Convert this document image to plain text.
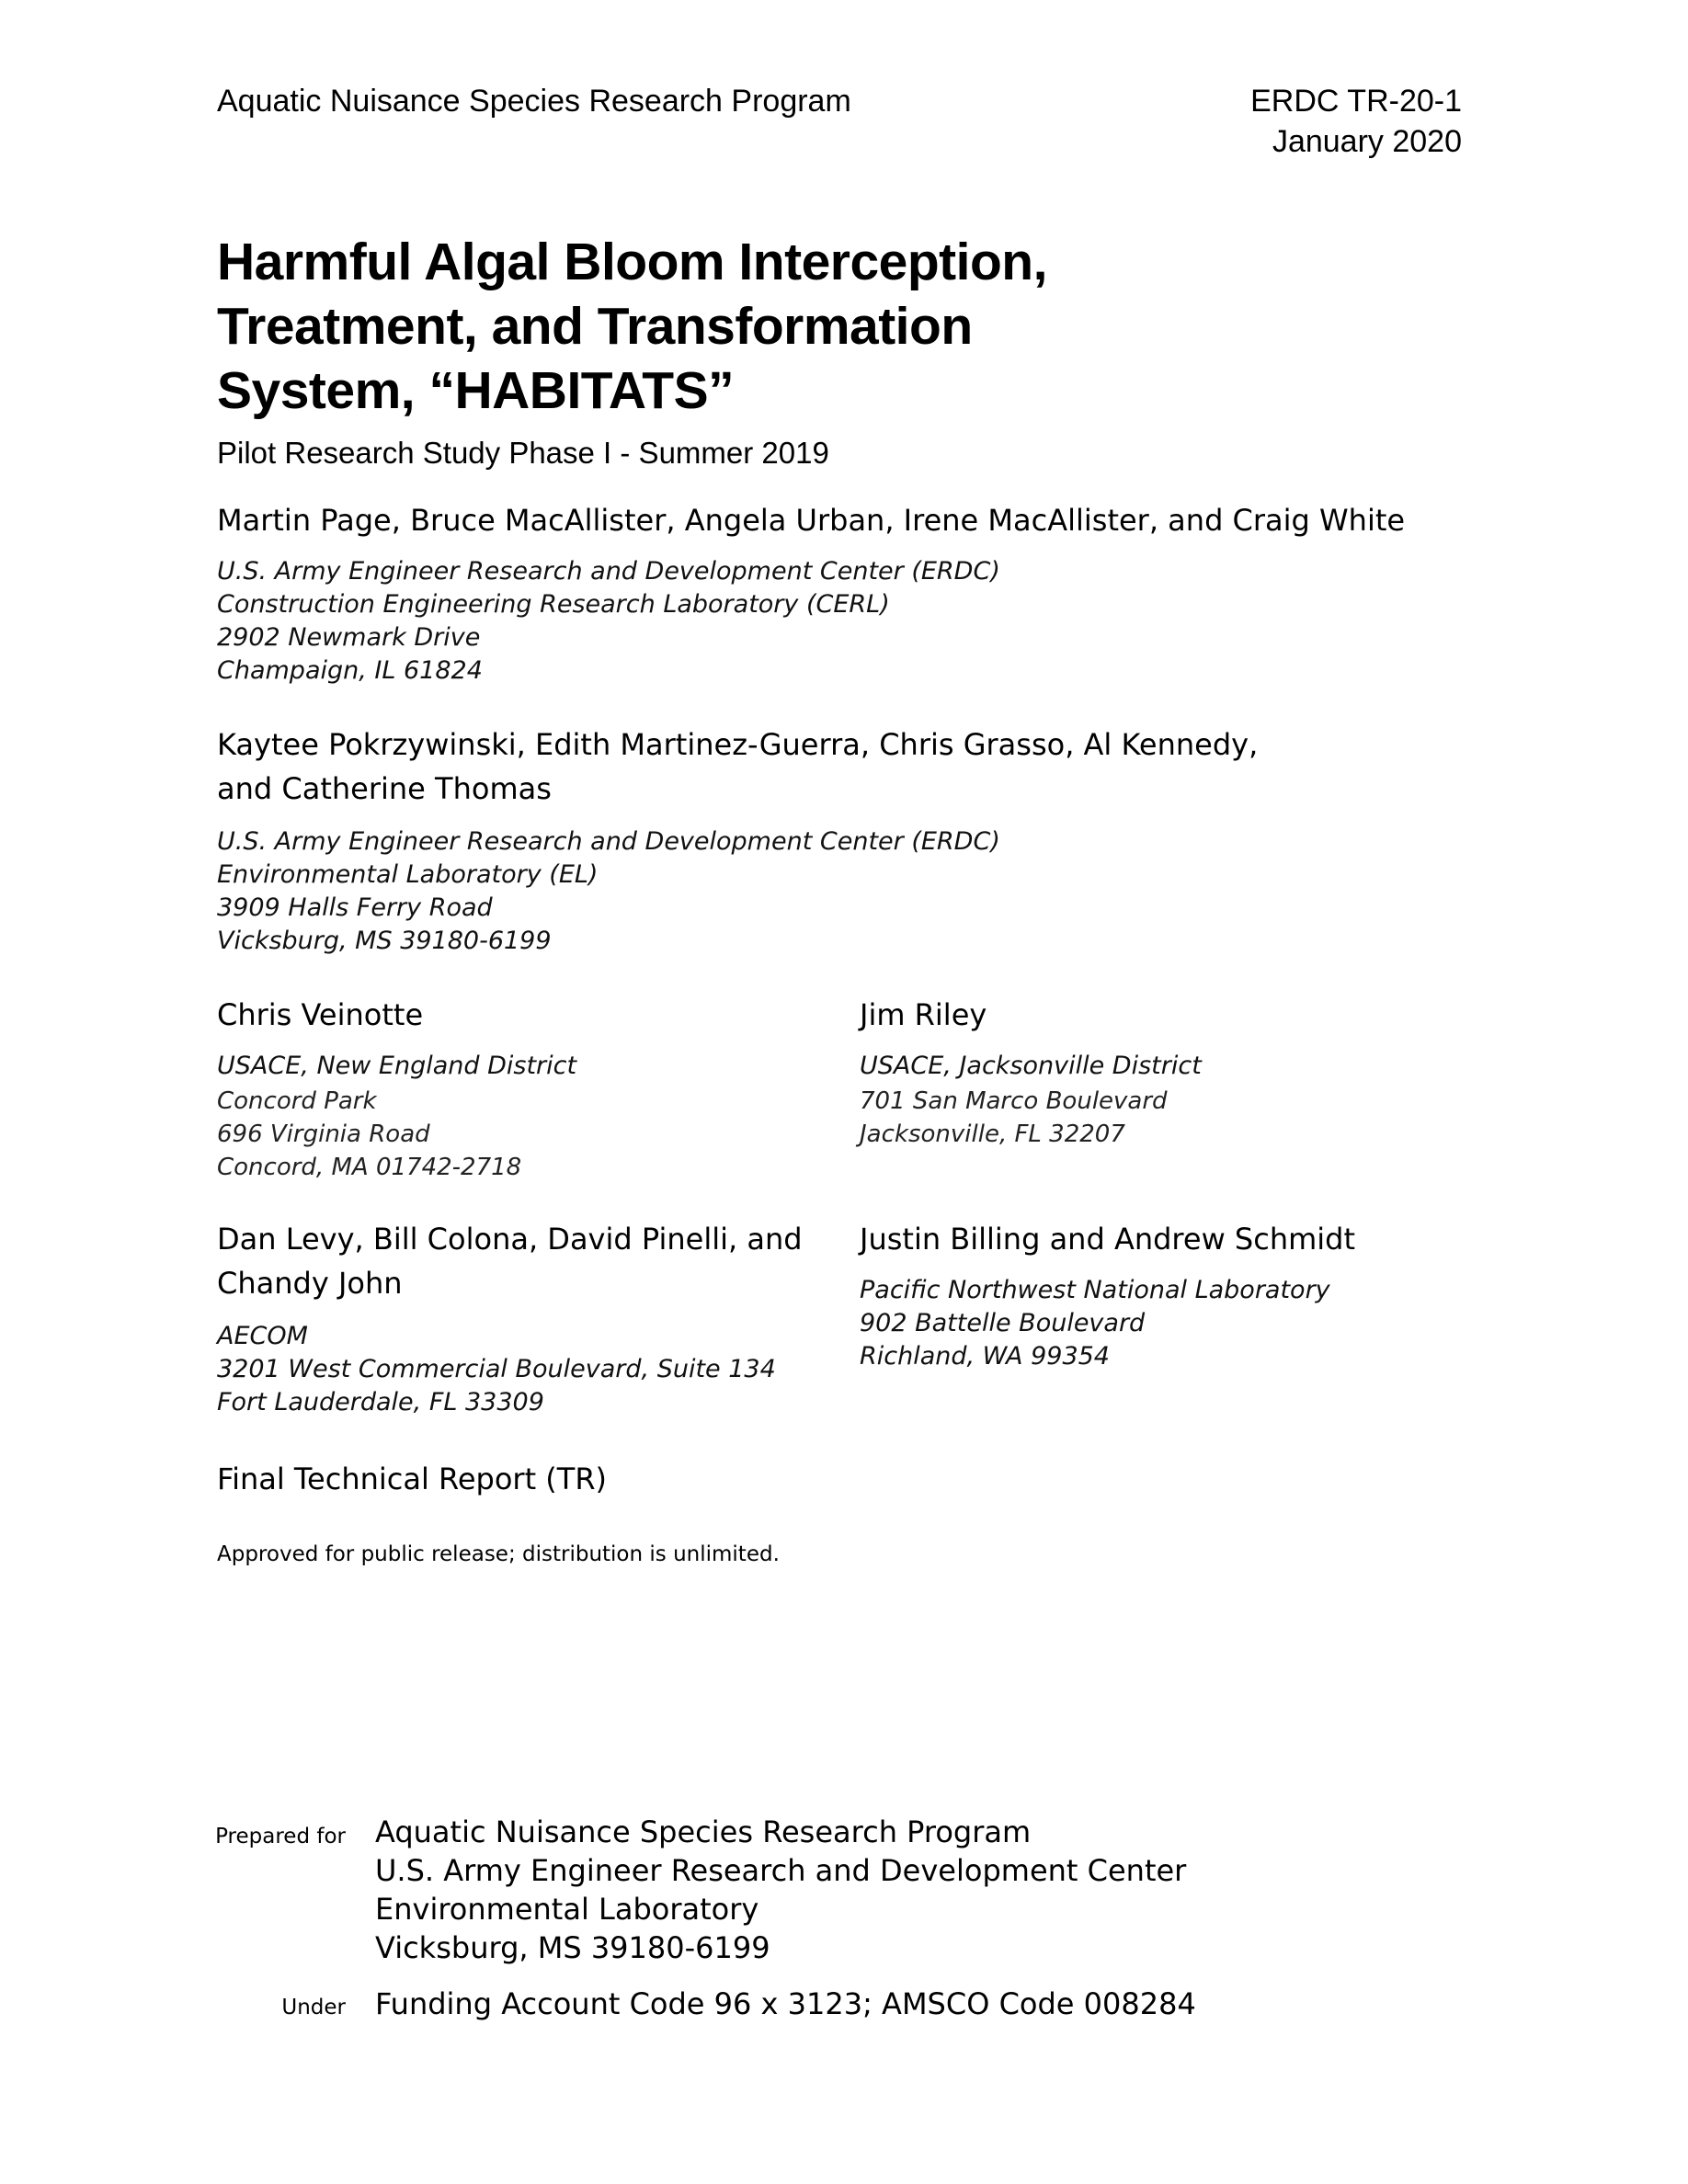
Aquatic Nuisance Species Research Program	ERDC TR-20-1
January 2020
Harmful Algal Bloom Interception,
Treatment, and Transformation
System, “HABITATS”
Pilot Research Study Phase I - Summer 2019
Martin Page, Bruce MacAllister, Angela Urban, Irene MacAllister, and Craig White
U.S. Army Engineer Research and Development Center (ERDC)
Construction Engineering Research Laboratory (CERL)
2902 Newmark Drive
Champaign, IL 61824
Kaytee Pokrzywinski, Edith Martinez-Guerra, Chris Grasso, Al Kennedy,
and Catherine Thomas
U.S. Army Engineer Research and Development Center (ERDC)
Environmental Laboratory (EL)
3909 Halls Ferry Road
Vicksburg, MS 39180-6199
Chris Veinotte
USACE, New England District
Concord Park
696 Virginia Road
Concord, MA 01742-2718
Jim Riley
USACE, Jacksonville District
701 San Marco Boulevard
Jacksonville, FL 32207
Dan Levy, Bill Colona, David Pinelli, and
Chandy John
AECOM
3201 West Commercial Boulevard, Suite 134
Fort Lauderdale, FL 33309
Justin Billing and Andrew Schmidt
Pacific Northwest National Laboratory
902 Battelle Boulevard
Richland, WA 99354
Final Technical Report (TR)
Approved for public release; distribution is unlimited.
Prepared for Aquatic Nuisance Species Research Program
U.S. Army Engineer Research and Development Center
Environmental Laboratory
Vicksburg, MS 39180-6199
Under Funding Account Code 96 x 3123; AMSCO Code 008284
